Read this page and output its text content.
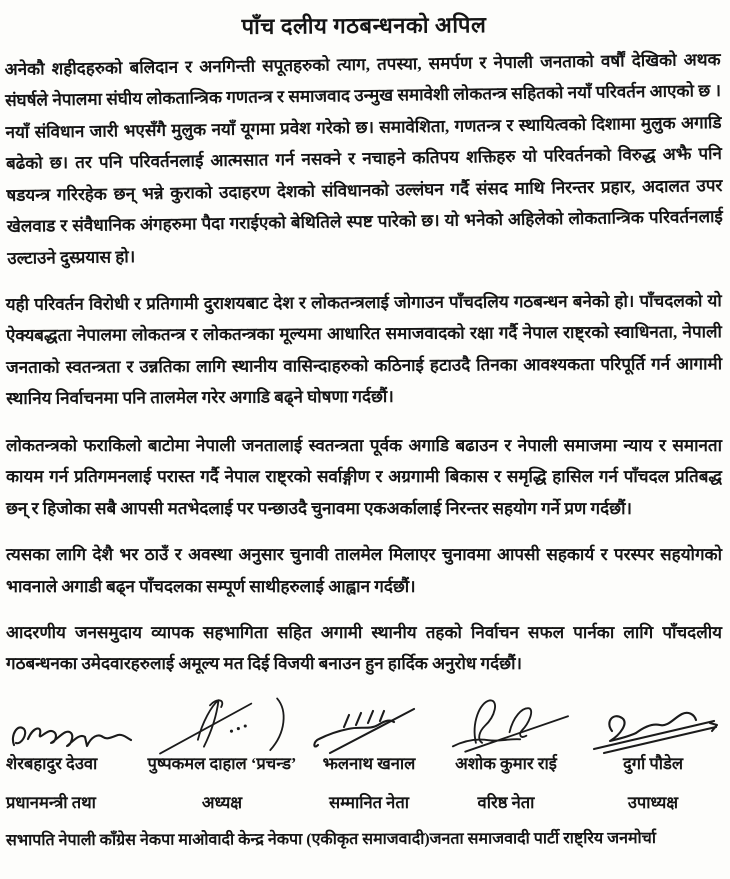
पाँच दलीय गठबन्धनको अपिल

अनेकौ शहीदहरुको बलिदान र अनगिन्ती सपूतहरुको त्याग, तपस्या, समर्पण र नेपाली जनताको वर्षौं देखिको अथक संघर्षले नेपालमा संघीय लोकतान्त्रिक गणतन्त्र र समाजवाद उन्मुख समावेशी लोकतन्त्र सहितको नयाँ परिवर्तन आएको छ । नयाँ संविधान जारी भएसँगै मुलुक नयाँ यूगमा प्रवेश गरेको छ। समावेशिता, गणतन्त्र र स्थायित्वको दिशामा मुलुक अगाडि बढेको छ। तर पनि परिवर्तनलाई आत्मसात गर्न नसक्ने र नचाहने कतिपय शक्तिहरु यो परिवर्तनको विरुद्ध अझै पनि षडयन्त्र गरिरहेक छन् भन्ने कुराको उदाहरण देशको संविधानको उल्लंघन गर्दै संसद माथि निरन्तर प्रहार, अदालत उपर खेलवाड र संवैधानिक अंगहरुमा पैदा गराईएको बेथितिले स्पष्ट पारेको छ। यो भनेको अहिलेको लोकतान्त्रिक परिवर्तनलाई उल्टाउने दुस्प्रयास हो।

यही परिवर्तन विरोधी र प्रतिगामी दुराशयबाट देश र लोकतन्त्रलाई जोगाउन पाँचदलिय गठबन्धन बनेको हो। पाँचदलको यो ऐक्यबद्धता नेपालमा लोकतन्त्र र लोकतन्त्रका मूल्यमा आधारित समाजवादको रक्षा गर्दै नेपाल राष्ट्रको स्वाधिनता, नेपाली जनताको स्वतन्त्रता र उन्नतिका लागि स्थानीय वासिन्दाहरुको कठिनाई हटाउदै तिनका आवश्यकता परिपूर्ति गर्न आगामी स्थानिय निर्वाचनमा पनि तालमेल गरेर अगाडि बढ्ने घोषणा गर्दछौं।

लोकतन्त्रको फराकिलो बाटोमा नेपाली जनतालाई स्वतन्त्रता पूर्वक अगाडि बढाउन र नेपाली समाजमा न्याय र समानता कायम गर्न प्रतिगमनलाई परास्त गर्दै नेपाल राष्ट्रको सर्वाङ्गीण र अग्रगामी बिकास र समृद्धि हासिल गर्न पाँचदल प्रतिबद्ध छन् र हिजोका सबै आपसी मतभेदलाई पर पन्छाउदै चुनावमा एकअर्कालाई निरन्तर सहयोग गर्ने प्रण गर्दछौं।

त्यसका लागि देशै भर ठाउँ र अवस्था अनुसार चुनावी तालमेल मिलाएर चुनावमा आपसी सहकार्य र परस्पर सहयोगको भावनाले अगाडी बढ्न पाँचदलका सम्पूर्ण साथीहरुलाई आह्वान गर्दछौं।

आदरणीय जनसमुदाय व्यापक सहभागिता सहित अगामी स्थानीय तहको निर्वाचन सफल पार्नका लागि पाँचदलीय गठबन्धनका उमेदवारहरुलाई अमूल्य मत दिई विजयी बनाउन हुन हार्दिक अनुरोध गर्दछौं।

शेरबहादुर देउवा
प्रधानमन्त्री तथा
पुष्पकमल दाहाल ‘प्रचन्ड’
अध्यक्ष
झलनाथ खनाल
सम्मानित नेता
अशोक कुमार राई
वरिष्ठ नेता
दुर्गा पौडेल
उपाध्यक्ष
सभापति नेपाली काँग्रेस नेकपा माओवादी केन्द्र नेकपा (एकीकृत समाजवादी)जनता समाजवादी पार्टी राष्ट्रिय जनमोर्चा
